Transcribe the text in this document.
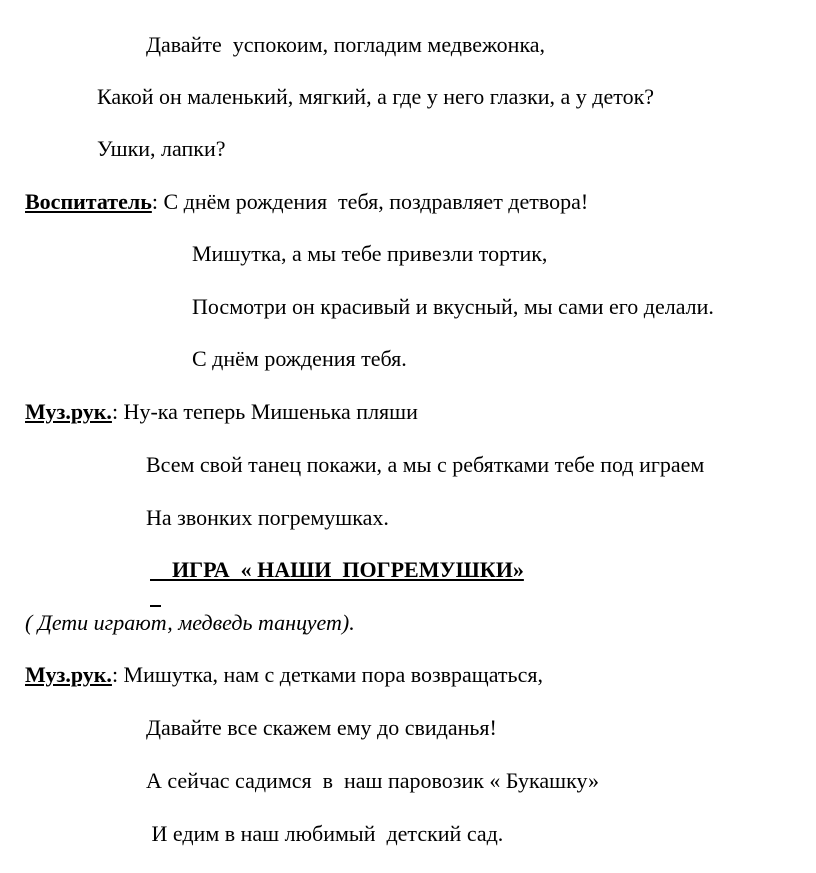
Давайте  успокоим, погладим медвежонка,

Какой он маленький, мягкий, а где у него глазки, а у деток?

Ушки, лапки?

Воспитатель: С днём рождения  тебя, поздравляет детвора!

Мишутка, а мы тебе привезли тортик,

Посмотри он красивый и вкусный, мы сами его делали.

С днём рождения тебя.

Муз.рук.: Ну-ка теперь Мишенька пляши

Всем свой танец покажи, а мы с ребятками тебе под играем

На звонких погремушках.

ИГРА  « НАШИ  ПОГРЕМУШКИ»

( Дети играют, медведь танцует).

Муз.рук.: Мишутка, нам с детками пора возвращаться,

Давайте все скажем ему до свиданья!

А сейчас садимся  в  наш паровозик « Букашку»

И едим в наш любимый  детский сад.
